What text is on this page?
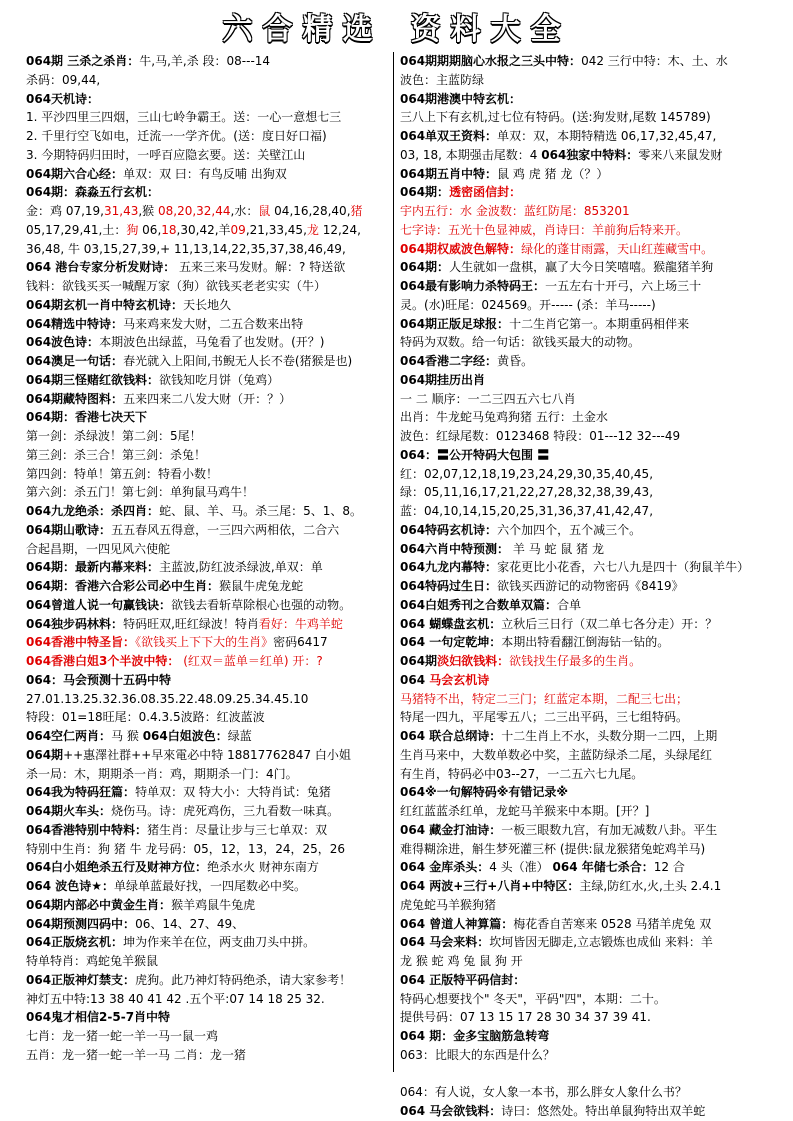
六合精选 资料大全
064期 三杀之杀肖：牛,马,羊,杀 段：08---14
杀码：09,44,
064天机诗：
1. 平沙四里三四烟，三山七岭争霸王。送：一心一意想七三
2. 千里行空飞如电，迁流一一学齐优。(送：度日好口福)
3. 今期特码归田时，一呼百应隐玄要。送：关壁江山
064期六合心经：单双：双 曰：有鸟反哺 出狗双
064期：森淼五行玄机：
金：鸡 07,19,31,43,猴 08,20,32,44,水：鼠 04,16,28,40,猪
05,17,29,41,土：狗 06,18,30,42,羊09,21,33,45,龙 12,24,
36,48, 牛 03,15,27,39,+ 11,13,14,22,35,37,38,46,49,
064 港台专家分析发财诗： 五来三来马发财。解：? 特送欲
钱料：欲钱买买一喊醒万家（狗）欲钱买老老实实（牛）
064期玄机一肖中特玄机诗：天长地久
064精选中特诗：马来鸡来发大财，二五合数来出特
064波色诗：本期波色出绿蓝，马兔看了也发财。(开？)
064澳足一句话：春光就入上阳间,书鲵无人长不卷(猪猴是也)
064期三怪赌红欲钱料：欲钱知吃月饼（兔鸡）
064期藏特图料：五来四来二八发大财（开：？）
064期：香港七决天下
第一剑：杀绿波！第二剑：5尾！
第三剑：杀三合！第三剑：杀兔！
第四剑：特单！第五剑：特看小数！
第六剑：杀五门！第七剑：单狗鼠马鸡牛！
064九龙绝杀：杀四肖：蛇、鼠、羊、马。杀三尾：5、1、8。
064期山歌诗：五五春风五得意，一三四六两相依，二合六
合起昌期，一四见风六使舵
064期：最新内幕来料：主蓝波,防红波杀绿波,单双：单
064期：香港六合彩公司必中生肖：猴鼠牛虎兔龙蛇
064曾道人说一句赢钱诀：欲钱去看斩草除根心也强的动物。
064独步码林料：特码旺双,旺红绿波！特肖看好：牛鸡羊蛇
064香港中特圣旨：《欲钱买上下下大的生肖》密码6417
064香港白姐3个半波中特： (红双＝蓝单＝红单) 开：?
064：马会预测十五码中特
27.01.13.25.32.36.08.35.22.48.09.25.34.45.10
特段：01=18旺尾：0.4.3.5波路：红波蓝波
064空仁两肖：马 猴 064白姐波色：绿蓝
064期++惠澤社群++早來電必中特 18817762847 白小姐
杀一局：木，期期杀一肖：鸡，期期杀一门：4门。
064我为特码狂篇：特单双：双 特大小：大特肖试：兔猪
064期火车头：烧伤马。诗：虎死鸡伤，三九看数一味真。
064香港特别中特料：猪生肖：尽量让步与三七单双：双
特别中生肖：狗 猪 牛 龙号码：05，12，13，24，25，26
064白小姐绝杀五行及财神方位：绝杀水火 财神东南方
064 波色诗★：单绿单蓝最好找，一四尾数必中奖。
064期内部必中黄金生肖：猴羊鸡鼠牛兔虎
064期预测四码中：06、14、27、49、
064正版烧玄机：坤为作来羊在位，两支曲刀头中拼。
特单特肖：鸡蛇兔羊猴鼠
064正版神灯禁支：虎狗。此乃神灯特码绝杀，请大家参考！
神灯五中特:13 38 40 41 42 .五个平:07 14 18 25 32.
064鬼才相信2-5-7肖中特
七肖：龙一猪一蛇一羊一马一鼠一鸡
五肖：龙一猪一蛇一羊一马 二肖：龙一猪
064期期期脑心水报之三头中特：042 三行中特：木、土、水
波色：主蓝防绿
064期港澳中特玄机：
三八上下有玄机,过七位有特码。(送:狗发财,尾数 145789)
064单双王资料：单双：双，本期特精选 06,17,32,45,47,
03, 18, 本期强击尾数：4 064独家中特料：零来八来鼠发财
064期五肖中特：鼠 鸡 虎 猪 龙（？）
064期：透密函信封：
宇内五行：水 金波数：蓝红防尾：853201
七字诗：五光十色显神威，肖诗曰：羊前狗后特来开。
064期权威波色解特：绿化的蓬甘雨露，天山红莲藏雪中。
064期：人生就如一盘棋，赢了大今日笑嘻嘻。猴龍猪羊狗
064最有影响力杀特码王：一五左右十开弓，六上场三十
灵。(水)旺尾：024569。开----- (杀：羊马-----)
064期正版足球报：十二生肖它第一。本期重码相伴来
特码为双数。给一句话：欲钱买最大的动物。
064香港二字经：黄昏。
064期挂历出肖
一 二 顺序：一二三四五六七八肖
出肖：牛龙蛇马兔鸡狗猪 五行：土金水
波色：红绿尾数：0123468 特段：01---12 32---49
064：〓公开特码大包围 〓
红：02,07,12,18,19,23,24,29,30,35,40,45,
绿：05,11,16,17,21,22,27,28,32,38,39,43,
蓝：04,10,14,15,20,25,31,36,37,41,42,47,
064特码玄机诗：六个加四个，五个减三个。
064六肖中特预测： 羊 马 蛇 鼠 猪 龙
064九龙内幕特：家花更比小花香，六七八九是四十（狗鼠羊牛）
064特码过生日：欲钱买西游记的动物密码《8419》
064白姐秀刊之合数单双篇：合单
064 蝴蝶盘玄机：立秋后三日行（双二单七各分走）开：？
064 一句定乾坤：本期出特看翻江倒海钻一钻的。
064期淡妇欲钱料：欲钱找生仔最多的生肖。
064 马会玄机诗
马猪特不出，特定二三门；红蓝定本期，二配三七出；
特尾一四九，平尾零五八；二三出平码，三七组特码。
064 联合总纲诗：十二生肖上不水，头数分期一二四，上期
生肖马来中，大数单数必中奖，主蓝防绿杀二尾，头绿尾红
有生肖，特码必中03--27，一二五六七九尾。
064※一句解特码※有错记录※
红红蓝蓝杀红单，龙蛇马羊猴来中本期。[开？]
064 藏金打油诗：一板三眼数九宫，有加无减数八卦。平生
难得糊涂进，斛生梦死灌三杯 (提供:鼠龙猴猪兔蛇鸡羊马)
064 金库杀头：4 头（准） 064 年储七杀合：12 合
064 两波+三行+八肖+中特区：主绿,防红水,火,土头 2.4.1
虎兔蛇马羊猴狗猪
064 曾道人神算篇：梅花香自苦寒来 0528 马猪羊虎兔 双
064 马会来料：坎坷皆因无脚走,立志锻炼也成仙 来料：羊
龙 猴 蛇 鸡 兔 鼠 狗 开
064 正版特平码信封：
特码心想要找个" 冬天"，平码"四"，本期：二十。
提供号码：07 13 15 17 28 30 34 37 39 41.
064 期：金多宝脑筋急转弯
063：比眼大的东西是什么？
064：有人说，女人象一本书，那么胖女人象什么书？
064 马会欲钱料：诗曰：悠然处。特出单鼠狗特出双羊蛇
